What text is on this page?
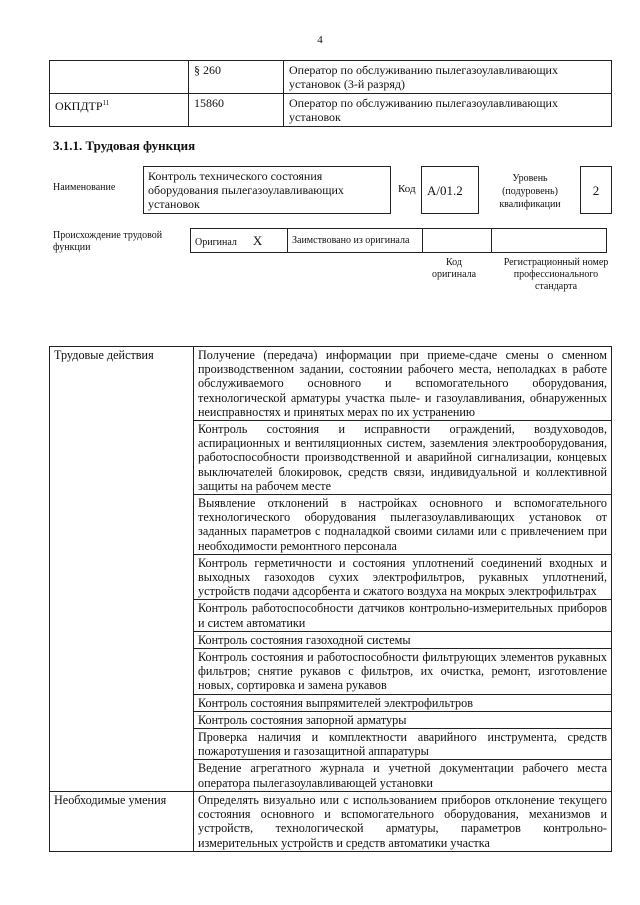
4
	§ 260	Оператор по обслуживанию пылегазоулавливающих установок (3-й разряд)
ОКПДТР$^{11}$	15860	Оператор по обслуживанию пылегазоулавливающих установок
3.1.1. Трудовая функция
Наименование
Контроль технического состояния оборудования пылегазоулавливающих установок
Код А/01.2
Уровень (подуровень) квалификации
2
Происхождение трудовой функции	Оригинал X	Заимствовано из оригинала

Код оригинала
Регистрационный номер профессионального стандарта
Трудовые действия	Получение (передача) информации при приеме-сдаче смены о сменном производственном задании, состоянии рабочего места, неполадках в работе обслуживаемого основного и вспомогательного оборудования, технологической арматуры участка пыле- и газоулавливания, обнаруженных неисправностях и принятых мерах по их устранению
	Контроль состояния и исправности ограждений, воздуховодов, аспирационных и вентиляционных систем, заземления электрооборудования, работоспособности производственной и аварийной сигнализации, концевых выключателей блокировок, средств связи, индивидуальной и коллективной защиты на рабочем месте
	Выявление отклонений в настройках основного и вспомогательного технологического оборудования пылегазоулавливающих установок от заданных параметров с подналадкой своими силами или с привлечением при необходимости ремонтного персонала
	Контроль герметичности и состояния уплотнений соединений входных и выходных газоходов сухих электрофильтров, рукавных уплотнений, устройств подачи адсорбента и сжатого воздуха на мокрых электрофильтрах
	Контроль работоспособности датчиков контрольно-измерительных приборов и систем автоматики
	Контроль состояния газоходной системы
	Контроль состояния и работоспособности фильтрующих элементов рукавных фильтров; снятие рукавов с фильтров, их очистка, ремонт, изготовление новых, сортировка и замена рукавов
	Контроль состояния выпрямителей электрофильтров
	Контроль состояния запорной арматуры
	Проверка наличия и комплектности аварийного инструмента, средств пожаротушения и газозащитной аппаратуры
	Ведение агрегатного журнала и учетной документации рабочего места оператора пылегазоулавливающей установки
Необходимые умения	Определять визуально или с использованием приборов отклонение текущего состояния основного и вспомогательного оборудования, механизмов и устройств, технологической арматуры, параметров контрольно-измерительных устройств и средств автоматики участка
